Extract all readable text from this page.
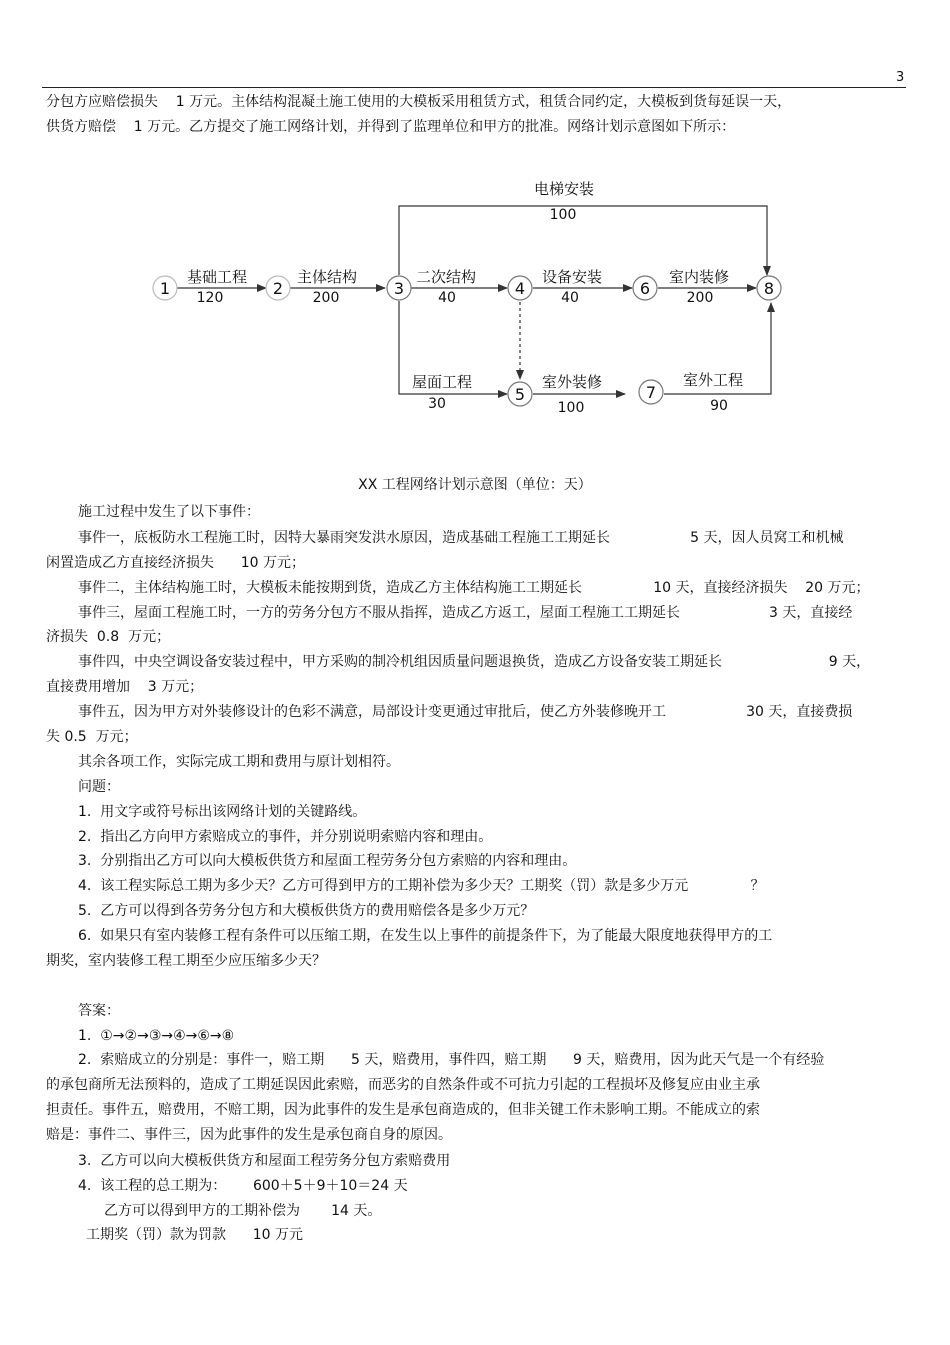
3
分包方应赔偿损失    1 万元。主体结构混凝土施工使用的大模板采用租赁方式，租赁合同约定，大模板到货每延误一天，
供货方赔偿    1 万元。乙方提交了施工网络计划，并得到了监理单位和甲方的批准。网络计划示意图如下所示：
1	2	3	4
5
6
7
8
基础工程
120
主体结构
200
二次结构
40
设备安装
40
室内装修
200
电梯安装
100
屋面工程
30
室外装修
100
室外工程
90
XX 工程网络计划示意图（单位：天）
施工过程中发生了以下事件：
事件一，底板防水工程施工时，因特大暴雨突发洪水原因，造成基础工程施工工期延长                  5 天，因人员窝工和机械
闲置造成乙方直接经济损失      10 万元；
事件二，主体结构施工时，大模板未能按期到货，造成乙方主体结构施工工期延长                10 天，直接经济损失    20 万元；
事件三，屋面工程施工时，一方的劳务分包方不服从指挥，造成乙方返工，屋面工程施工工期延长                    3 天，直接经
济损失  0.8  万元；
事件四，中央空调设备安装过程中，甲方采购的制冷机组因质量问题退换货，造成乙方设备安装工期延长                        9 天，
直接费用增加    3 万元；
事件五，因为甲方对外装修设计的色彩不满意，局部设计变更通过审批后，使乙方外装修晚开工                  30 天，直接费损
失 0.5  万元；
其余各项工作，实际完成工期和费用与原计划相符。
问题：
1.  用文字或符号标出该网络计划的关键路线。
2.  指出乙方向甲方索赔成立的事件，并分别说明索赔内容和理由。
3.  分别指出乙方可以向大模板供货方和屋面工程劳务分包方索赔的内容和理由。
4.  该工程实际总工期为多少天？乙方可得到甲方的工期补偿为多少天？工期奖（罚）款是多少万元              ？
5.  乙方可以得到各劳务分包方和大模板供货方的费用赔偿各是多少万元？
6.  如果只有室内装修工程有条件可以压缩工期，在发生以上事件的前提条件下，为了能最大限度地获得甲方的工
期奖，室内装修工程工期至少应压缩多少天？
答案：
1.  ①→②→③→④→⑥→⑧
2.  索赔成立的分别是：事件一，赔工期      5 天，赔费用，事件四，赔工期      9 天，赔费用，因为此天气是一个有经验
的承包商所无法预料的，造成了工期延误因此索赔，而恶劣的自然条件或不可抗力引起的工程损坏及修复应由业主承
担责任。事件五，赔费用，不赔工期，因为此事件的发生是承包商造成的，但非关键工作未影响工期。不能成立的索
赔是：事件二、事件三，因为此事件的发生是承包商自身的原因。
3.  乙方可以向大模板供货方和屋面工程劳务分包方索赔费用
4.  该工程的总工期为：      600＋5＋9＋10＝24 天
乙方可以得到甲方的工期补偿为       14 天。
工期奖（罚）款为罚款      10 万元
